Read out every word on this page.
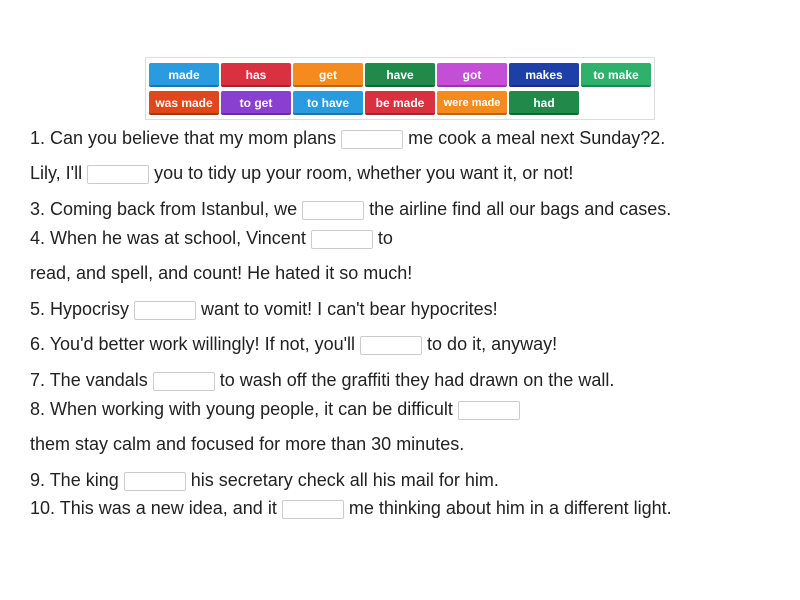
made	has	get	have	got	makes	to make
was made	to get	to have	be made	were made	had
1. Can you believe that my mom plans	me cook a meal next Sunday?2.
Lily, I'll	you to tidy up your room, whether you want it, or not!
3. Coming back from Istanbul, we	the airline find all our bags and cases.
4. When he was at school, Vincent	to
read, and spell, and count! He hated it so much!
5. Hypocrisy	want to vomit! I can't bear hypocrites!
6. You'd better work willingly! If not, you'll	to do it, anyway!
7. The vandals	to wash off the graffiti they had drawn on the wall.
8. When working with young people, it can be difficult
them stay calm and focused for more than 30 minutes.
9. The king	his secretary check all his mail for him.
10. This was a new idea, and it	me thinking about him in a different light.
